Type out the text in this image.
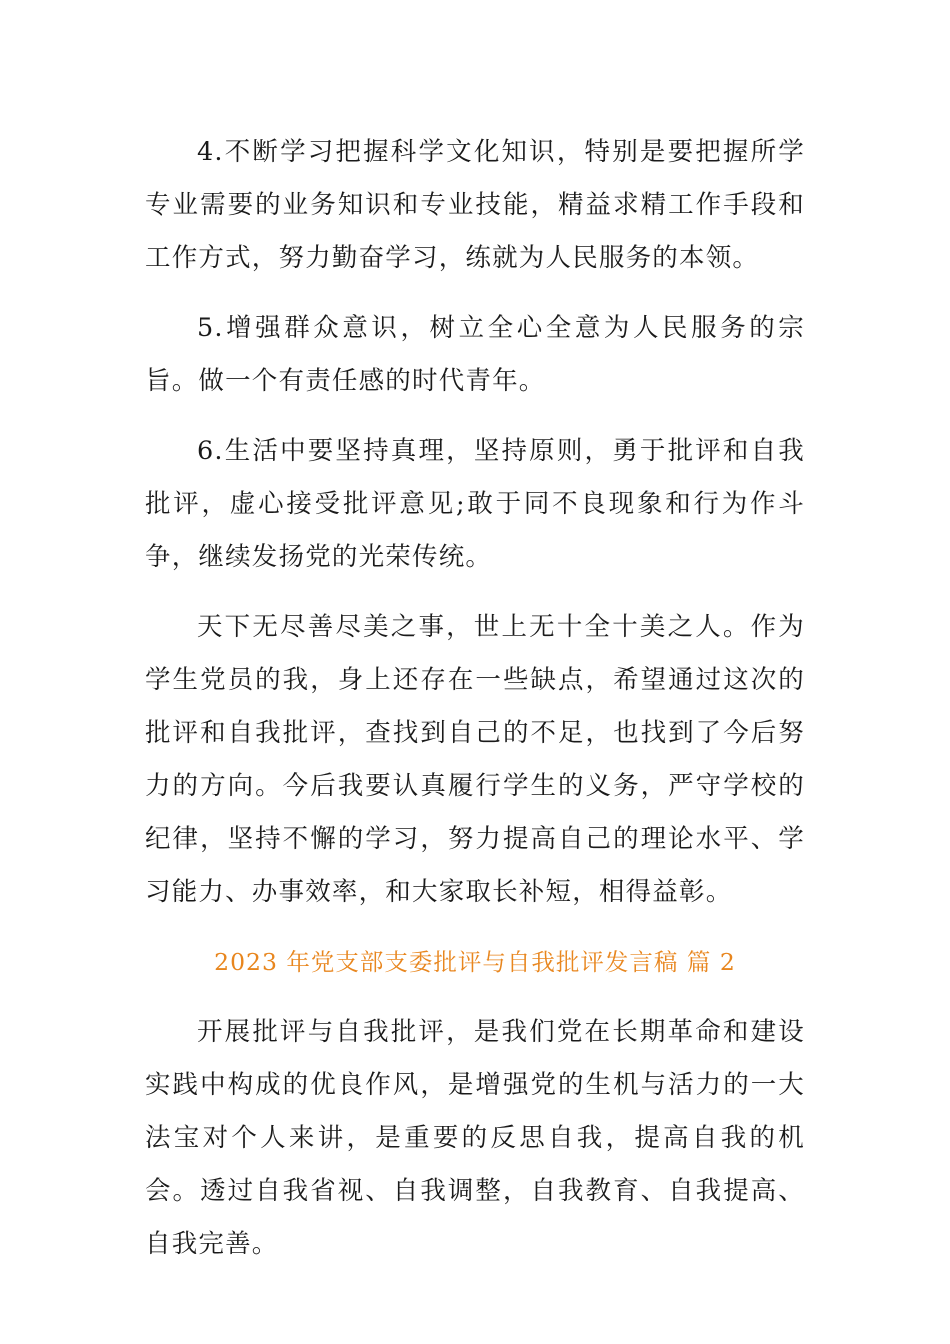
4.不断学习把握科学文化知识，特别是要把握所学专业需要的业务知识和专业技能，精益求精工作手段和工作方式，努力勤奋学习，练就为人民服务的本领。

5.增强群众意识，树立全心全意为人民服务的宗旨。做一个有责任感的时代青年。

6.生活中要坚持真理，坚持原则，勇于批评和自我批评，虚心接受批评意见;敢于同不良现象和行为作斗争，继续发扬党的光荣传统。

天下无尽善尽美之事，世上无十全十美之人。作为学生党员的我，身上还存在一些缺点，希望通过这次的批评和自我批评，查找到自己的不足，也找到了今后努力的方向。今后我要认真履行学生的义务，严守学校的纪律，坚持不懈的学习，努力提高自己的理论水平、学习能力、办事效率，和大家取长补短，相得益彰。

2023 年党支部支委批评与自我批评发言稿 篇 2

开展批评与自我批评，是我们党在长期革命和建设实践中构成的优良作风，是增强党的生机与活力的一大法宝对个人来讲，是重要的反思自我，提高自我的机会。透过自我省视、自我调整，自我教育、自我提高、自我完善。
